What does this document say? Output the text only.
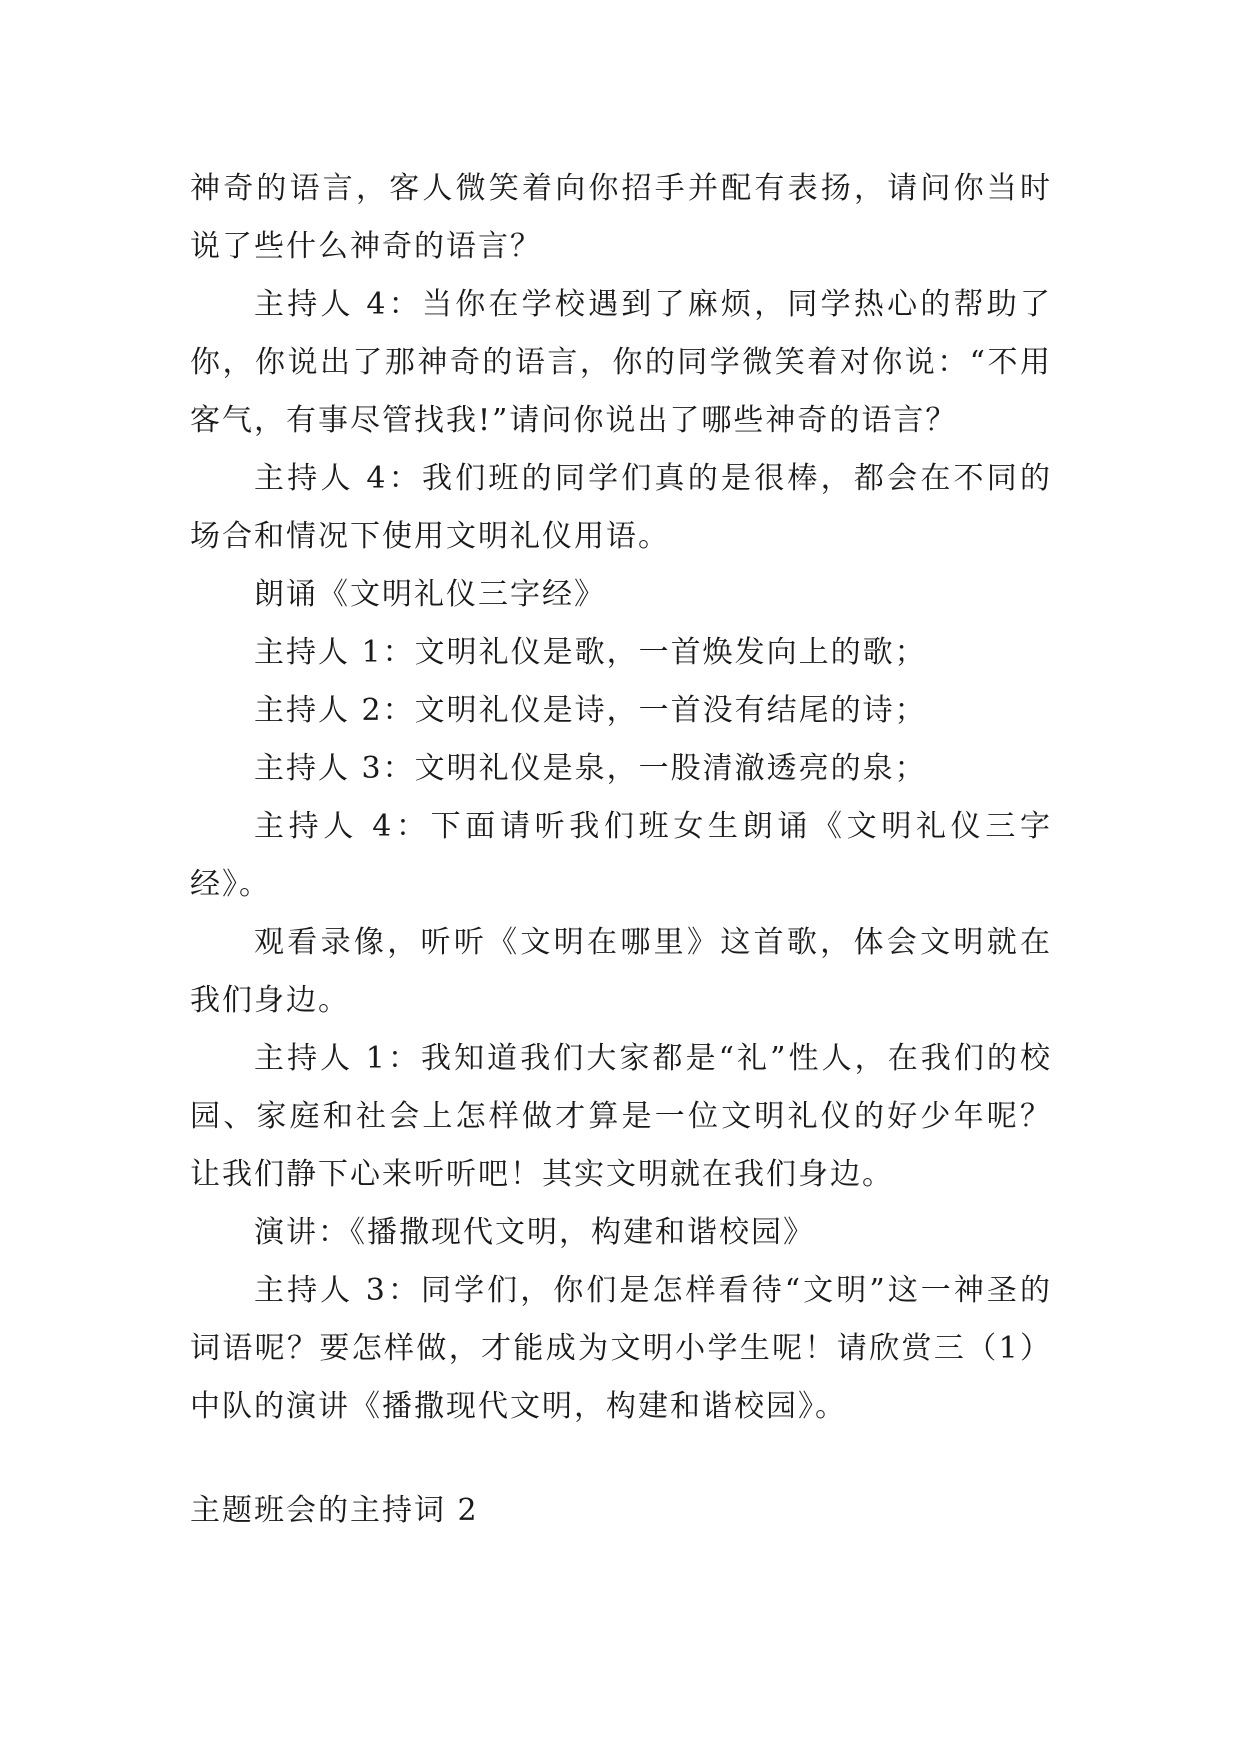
神奇的语言，客人微笑着向你招手并配有表扬，请问你当时说了些什么神奇的语言？

主持人 4：当你在学校遇到了麻烦，同学热心的帮助了你，你说出了那神奇的语言，你的同学微笑着对你说：“不用客气，有事尽管找我!”请问你说出了哪些神奇的语言？

主持人 4：我们班的同学们真的是很棒，都会在不同的场合和情况下使用文明礼仪用语。

朗诵《文明礼仪三字经》

主持人 1：文明礼仪是歌，一首焕发向上的歌；

主持人 2：文明礼仪是诗，一首没有结尾的诗；

主持人 3：文明礼仪是泉，一股清澈透亮的泉；

主持人 4：下面请听我们班女生朗诵《文明礼仪三字经》。

观看录像，听听《文明在哪里》这首歌，体会文明就在我们身边。

主持人 1：我知道我们大家都是“礼”性人，在我们的校园、家庭和社会上怎样做才算是一位文明礼仪的好少年呢？让我们静下心来听听吧！其实文明就在我们身边。

演讲：《播撒现代文明，构建和谐校园》

主持人 3：同学们，你们是怎样看待“文明”这一神圣的词语呢？要怎样做，才能成为文明小学生呢！请欣赏三（1）中队的演讲《播撒现代文明，构建和谐校园》。

主题班会的主持词 2
